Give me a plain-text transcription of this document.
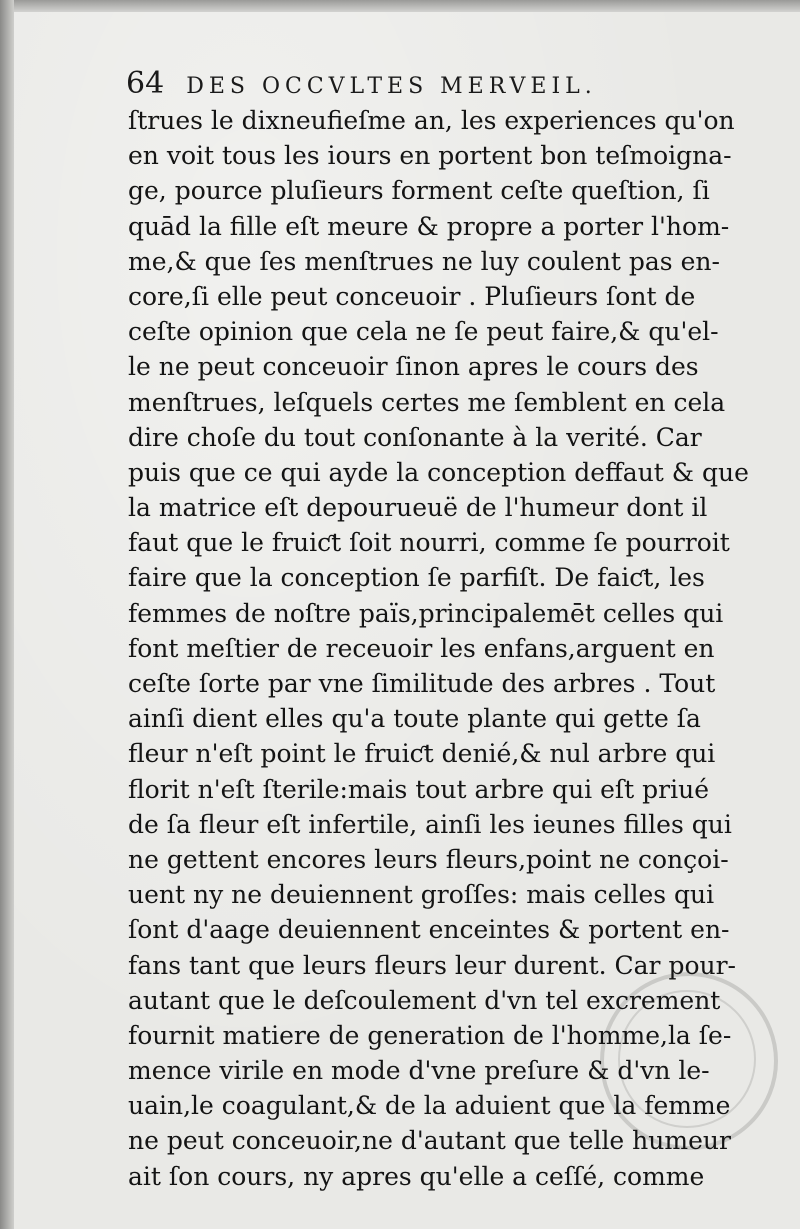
64 DES OCCVLTES MERVEIL.
ſtrues le dixneufieſme an, les experiences qu'on
en voit tous les iours en portent bon teſmoigna-
ge, pource pluſieurs forment ceſte queſtion, ſi
quād la fille eſt meure & propre a porter l'hom-
me,& que ſes menſtrues ne luy coulent pas en-
core,ſi elle peut conceuoir . Pluſieurs ſont de
ceſte opinion que cela ne ſe peut faire,& qu'el-
le ne peut conceuoir ſinon apres le cours des
menſtrues, leſquels certes me ſemblent en cela
dire choſe du tout conſonante à la verité. Car
puis que ce qui ayde la conception deffaut & que
la matrice eſt depourueuë de l'humeur dont il
faut que le fruiƈt ſoit nourri, comme ſe pourroit
faire que la conception ſe parfiſt. De faiƈt, les
femmes de noſtre païs,principalemēt celles qui
font meſtier de receuoir les enfans,arguent en
ceſte ſorte par vne ſimilitude des arbres . Tout
ainſi dient elles qu'a toute plante qui gette ſa
fleur n'eſt point le fruiƈt denié,& nul arbre qui
florit n'eſt ſterile:mais tout arbre qui eſt priué
de ſa fleur eſt infertile, ainſi les ieunes filles qui
ne gettent encores leurs fleurs,point ne conçoi-
uent ny ne deuiennent groſſes: mais celles qui
ſont d'aage deuiennent enceintes & portent en-
fans tant que leurs fleurs leur durent. Car pour-
autant que le deſcoulement d'vn tel excrement
fournit matiere de generation de l'homme,la ſe-
mence virile en mode d'vne preſure & d'vn le-
uain,le coagulant,& de la aduient que la femme
ne peut conceuoir,ne d'autant que telle humeur
ait ſon cours, ny apres qu'elle a ceſſé, comme
